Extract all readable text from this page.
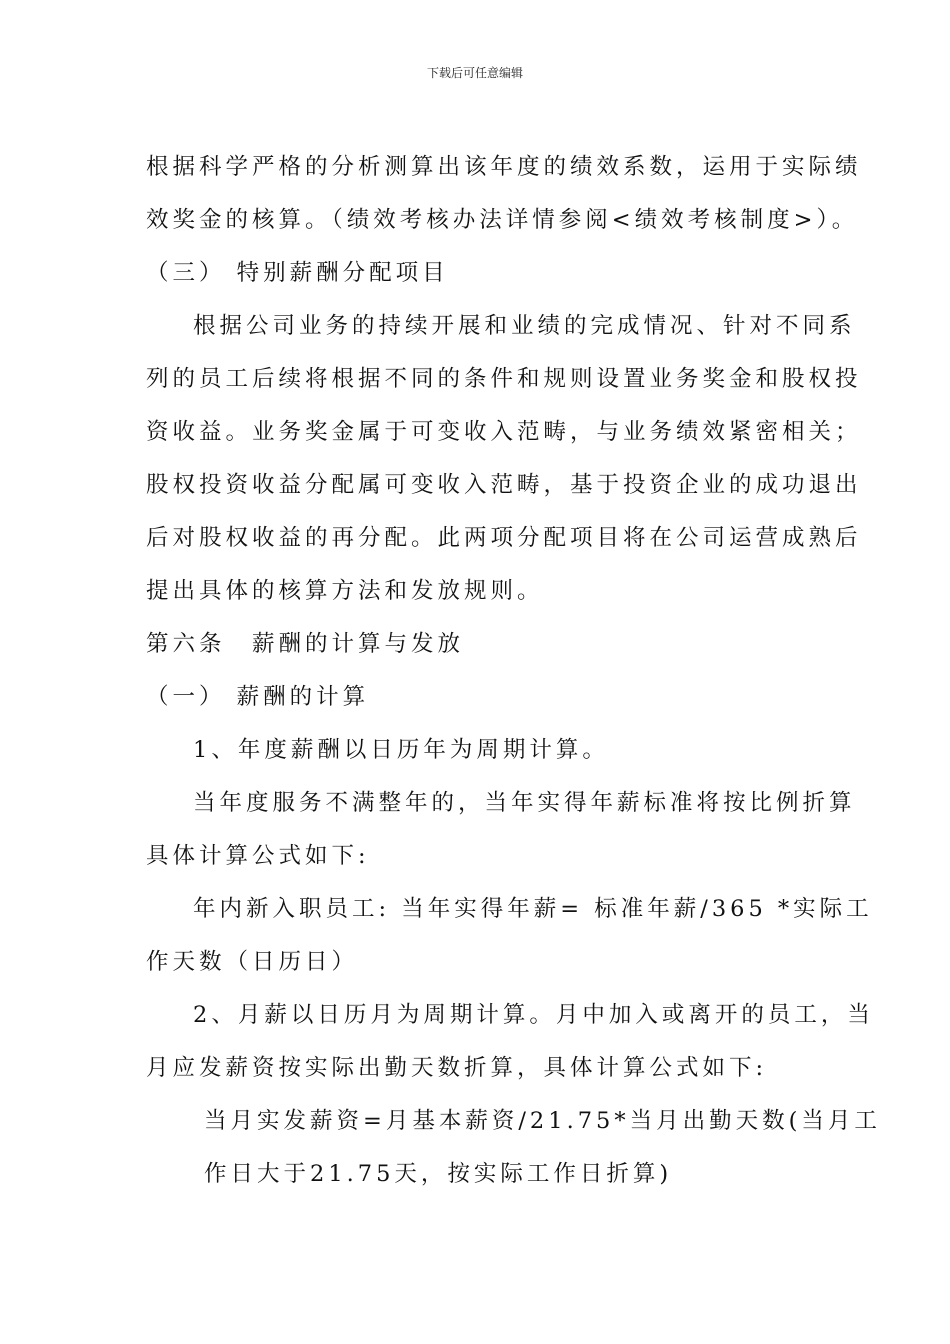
下载后可任意编辑
根据科学严格的分析测算出该年度的绩效系数，运用于实际绩
效奖金的核算。（绩效考核办法详情参阅<绩效考核制度>）。
（三） 特别薪酬分配项目
根据公司业务的持续开展和业绩的完成情况、针对不同系
列的员工后续将根据不同的条件和规则设置业务奖金和股权投
资收益。业务奖金属于可变收入范畴，与业务绩效紧密相关；
股权投资收益分配属可变收入范畴，基于投资企业的成功退出
后对股权收益的再分配。此两项分配项目将在公司运营成熟后
提出具体的核算方法和发放规则。
第六条　薪酬的计算与发放
（一） 薪酬的计算
1、年度薪酬以日历年为周期计算。
当年度服务不满整年的，当年实得年薪标准将按比例折算
具体计算公式如下:
年内新入职员工: 当年实得年薪= 标准年薪/365 *实际工
作天数（日历日）
2、月薪以日历月为周期计算。月中加入或离开的员工，当
月应发薪资按实际出勤天数折算，具体计算公式如下:
当月实发薪资=月基本薪资/21.75*当月出勤天数(当月工
作日大于21.75天，按实际工作日折算)
